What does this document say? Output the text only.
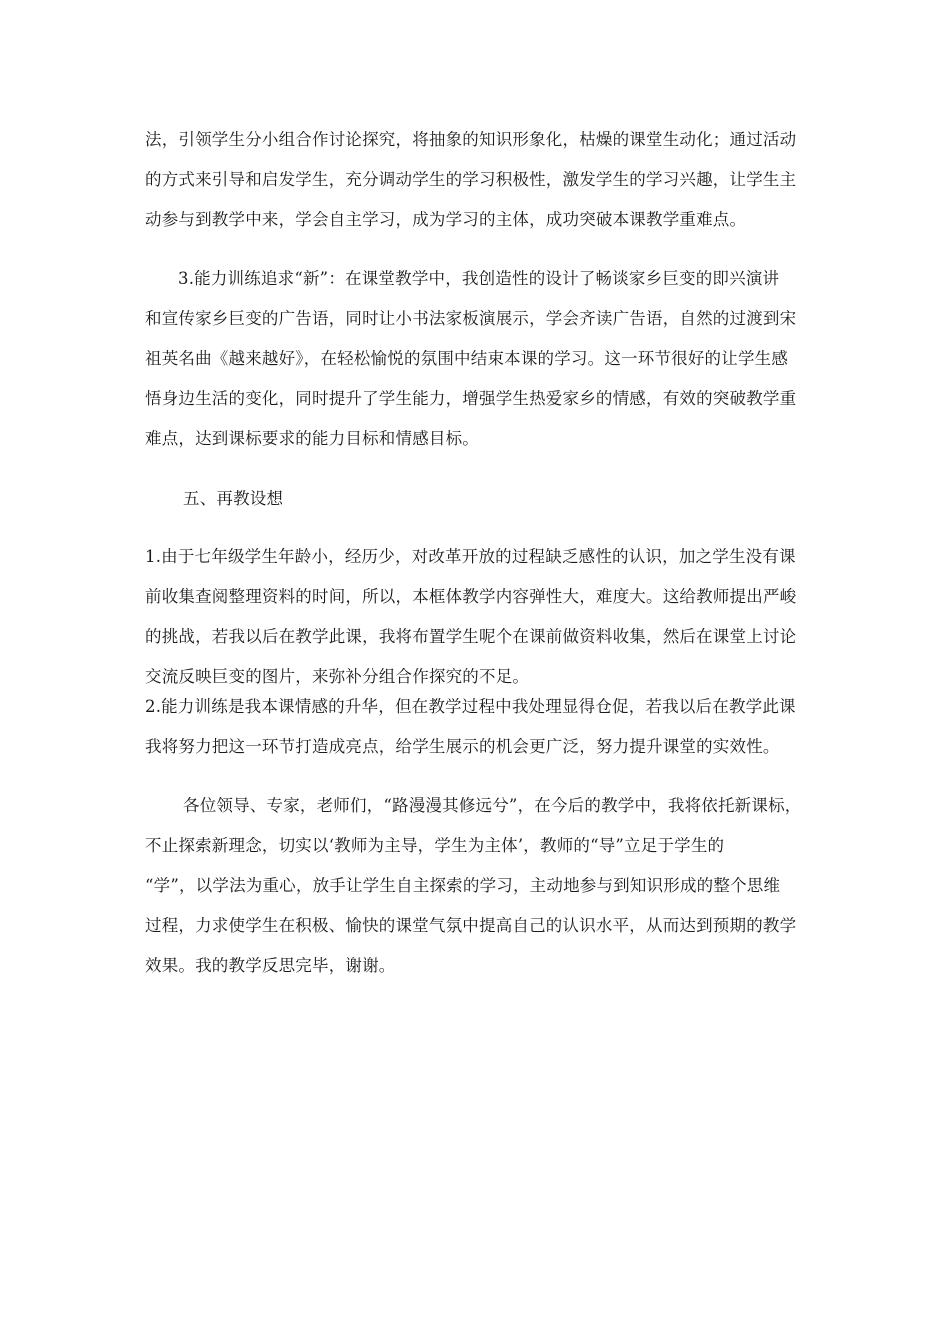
法，引领学生分小组合作讨论探究，将抽象的知识形象化，枯燥的课堂生动化；通过活动
的方式来引导和启发学生，充分调动学生的学习积极性，激发学生的学习兴趣，让学生主
动参与到教学中来，学会自主学习，成为学习的主体，成功突破本课教学重难点。
3.能力训练追求“新”：在课堂教学中，我创造性的设计了畅谈家乡巨变的即兴演讲
和宣传家乡巨变的广告语，同时让小书法家板演展示，学会齐读广告语，自然的过渡到宋
祖英名曲《越来越好》，在轻松愉悦的氛围中结束本课的学习。这一环节很好的让学生感
悟身边生活的变化，同时提升了学生能力，增强学生热爱家乡的情感，有效的突破教学重
难点，达到课标要求的能力目标和情感目标。
五、再教设想
1.由于七年级学生年龄小，经历少，对改革开放的过程缺乏感性的认识，加之学生没有课
前收集查阅整理资料的时间，所以，本框体教学内容弹性大，难度大。这给教师提出严峻
的挑战，若我以后在教学此课，我将布置学生呢个在课前做资料收集，然后在课堂上讨论
交流反映巨变的图片，来弥补分组合作探究的不足。
2.能力训练是我本课情感的升华，但在教学过程中我处理显得仓促，若我以后在教学此课
我将努力把这一环节打造成亮点，给学生展示的机会更广泛，努力提升课堂的实效性。
各位领导、专家，老师们，“路漫漫其修远兮”，在今后的教学中，我将依托新课标，
不止探索新理念，切实以‘教师为主导，学生为主体’，教师的“导”立足于学生的
“学”，以学法为重心，放手让学生自主探索的学习，主动地参与到知识形成的整个思维
过程，力求使学生在积极、愉快的课堂气氛中提高自己的认识水平，从而达到预期的教学
效果。我的教学反思完毕，谢谢。
